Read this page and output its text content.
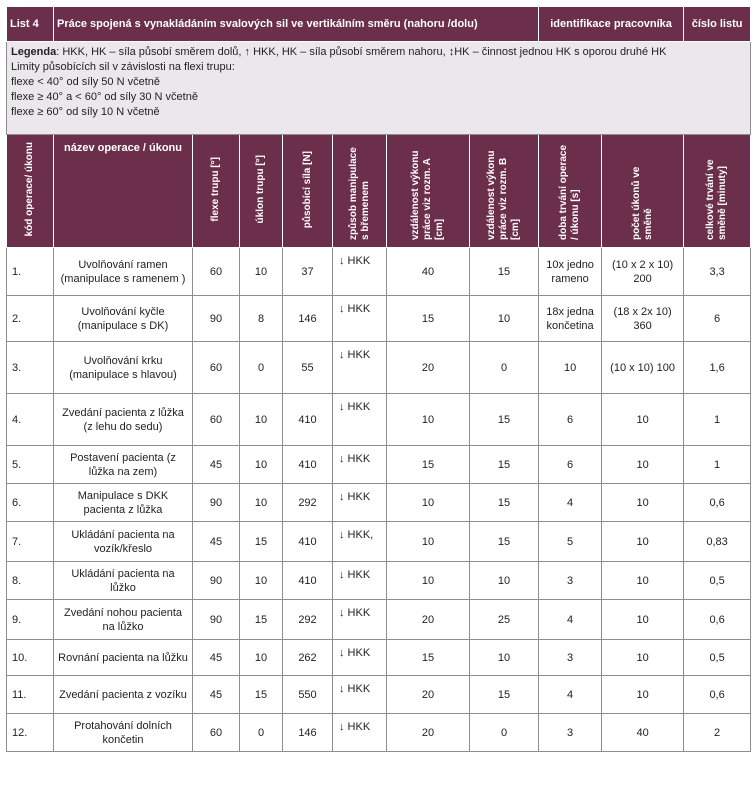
List 4	Práce spojená s vynakládáním svalových sil ve vertikálním směru (nahoru /dolu)							identifikace pracovníka		číslo listu

Legenda: HKK, HK – síla působí směrem dolů, ↑ HKK, HK – síla působí směrem nahoru, ↕HK – činnost jednou HK s oporou druhé HK
Limity působících sil v závislosti na flexi trupu:
flexe < 40° od síly 50 N včetně
flexe ≥ 40° a < 60° od síly 30 N včetně
flexe ≥ 60° od síly 10 N včetně										

kód operace/ úkonu	název operace / úkonu	flexe trupu [°]	úklon trupu [°]	působící síla [N]	způsob manipulace s břemenem	vzdálenost výkonu práce viz rozm. A [cm]	vzdálenost výkonu práce viz rozm. B [cm]	doba trvání operace / úkonu [s]	počet úkonů ve směně	celkové trvání ve směně [minuty]
1.	Uvolňování ramen (manipulace s ramenem )	60	10	37	↓ HKK	40	15	10x jedno rameno	(10 x 2 x 10) 200	3,3
2.	Uvolňování kyčle (manipulace s DK)	90	8	146	↓ HKK	15	10	18x jedna končetina	(18 x 2x 10) 360	6
3.	Uvolňování krku (manipulace s hlavou)	60	0	55	↓ HKK	20	0	10	(10 x 10) 100	1,6
4.	Zvedání pacienta z lůžka (z lehu do sedu)	60	10	410	↓ HKK	10	15	6	10	1
5.	Postavení pacienta (z lůžka na zem)	45	10	410	↓ HKK	15	15	6	10	1
6.	Manipulace s DKK pacienta z lůžka	90	10	292	↓ HKK	10	15	4	10	0,6
7.	Ukládání pacienta na vozík/křeslo	45	15	410	↓ HKK,	10	15	5	10	0,83
8.	Ukládání pacienta na lůžko	90	10	410	↓ HKK	10	10	3	10	0,5
9.	Zvedání nohou pacienta na lůžko	90	15	292	↓ HKK	20	25	4	10	0,6
10.	Rovnání pacienta na lůžku	45	10	262	↓ HKK	15	10	3	10	0,5
11.	Zvedání pacienta z vozíku	45	15	550	↓ HKK	20	15	4	10	0,6
12.	Protahování dolních končetin	60	0	146	↓ HKK	20	0	3	40	2
